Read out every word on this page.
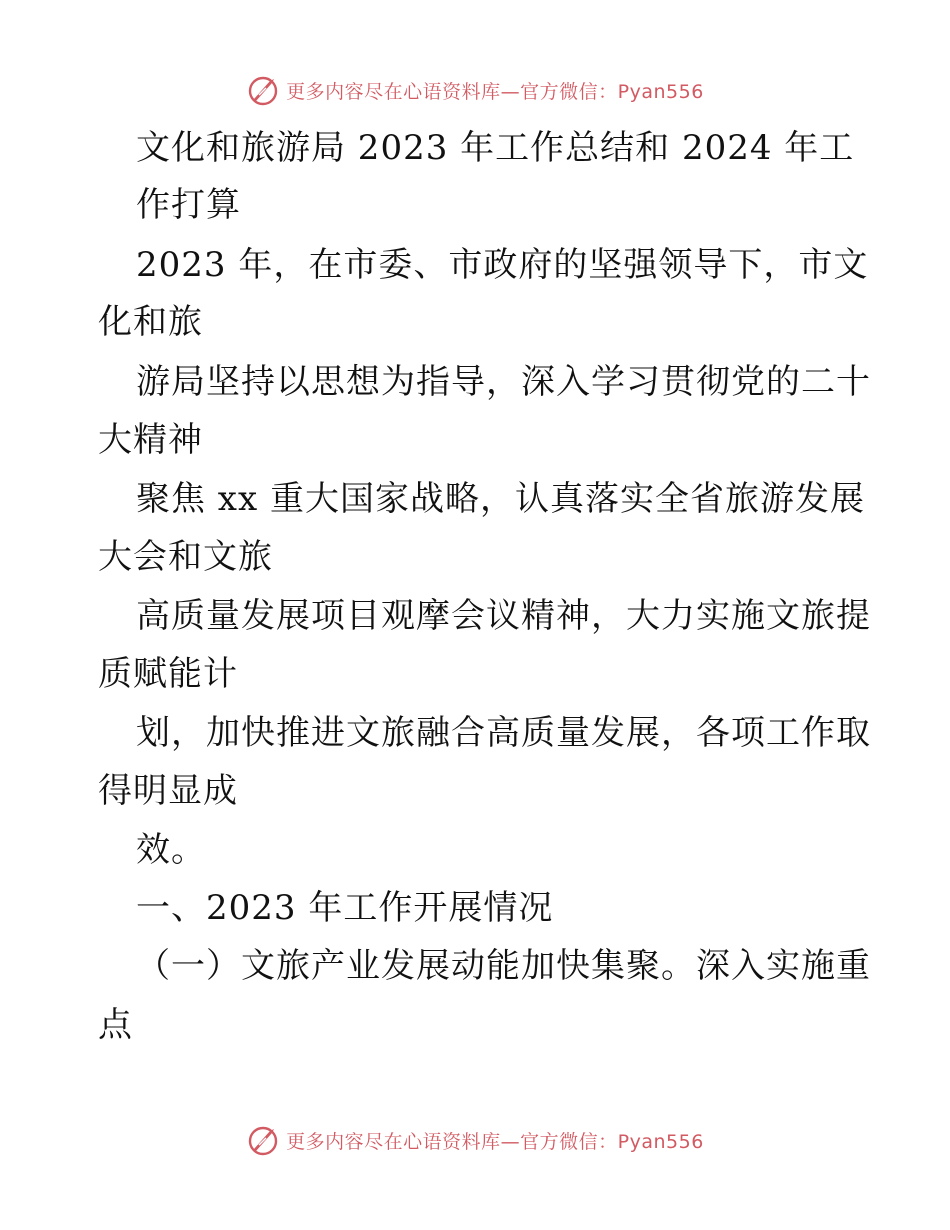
更多内容尽在心语资料库—官方微信：Pyan556
文化和旅游局 2023 年工作总结和 2024 年工
作打算
2023 年，在市委、市政府的坚强领导下，市文
化和旅
游局坚持以思想为指导，深入学习贯彻党的二十
大精神
聚焦 xx 重大国家战略，认真落实全省旅游发展
大会和文旅
高质量发展项目观摩会议精神，大力实施文旅提
质赋能计
划，加快推进文旅融合高质量发展，各项工作取
得明显成
效。
一、2023 年工作开展情况
（一）文旅产业发展动能加快集聚。深入实施重
点
更多内容尽在心语资料库—官方微信：Pyan556
